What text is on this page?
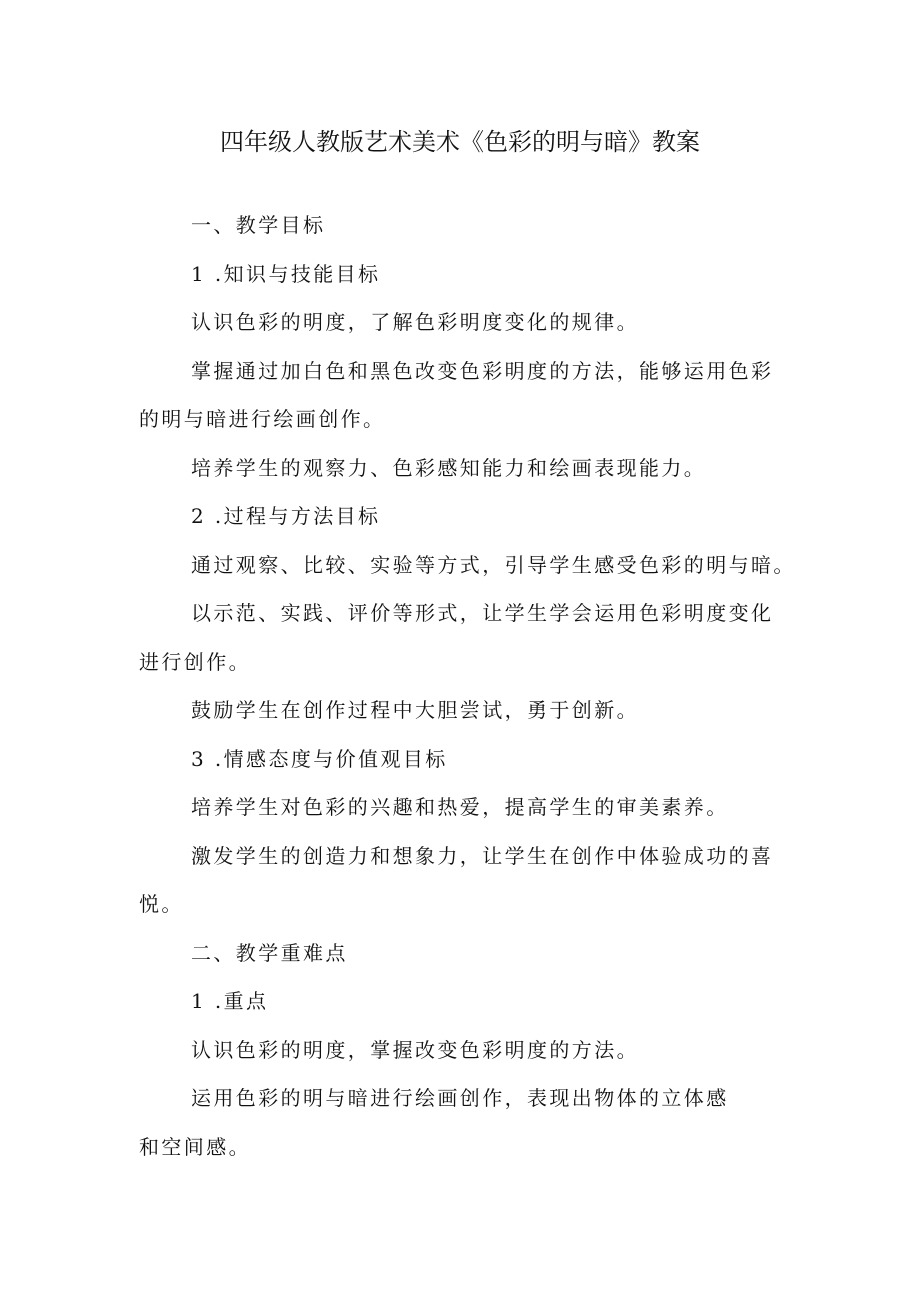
四年级人教版艺术美术《色彩的明与暗》教案

一、教学目标

1 .知识与技能目标

认识色彩的明度，了解色彩明度变化的规律。

掌握通过加白色和黑色改变色彩明度的方法，能够运用色彩
的明与暗进行绘画创作。

培养学生的观察力、色彩感知能力和绘画表现能力。

2 .过程与方法目标

通过观察、比较、实验等方式，引导学生感受色彩的明与暗。

以示范、实践、评价等形式，让学生学会运用色彩明度变化
进行创作。

鼓励学生在创作过程中大胆尝试，勇于创新。

3 .情感态度与价值观目标

培养学生对色彩的兴趣和热爱，提高学生的审美素养。

激发学生的创造力和想象力，让学生在创作中体验成功的喜
悦。

二、教学重难点

1 .重点

认识色彩的明度，掌握改变色彩明度的方法。

运用色彩的明与暗进行绘画创作，表现出物体的立体感
和空间感。
